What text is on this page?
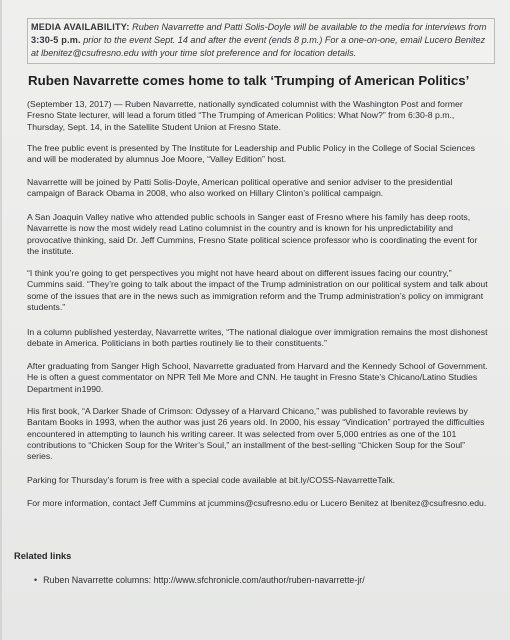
MEDIA AVAILABILITY: Ruben Navarrette and Patti Solis-Doyle will be available to the media for interviews from 3:30-5 p.m. prior to the event Sept. 14 and after the event (ends 8 p.m.) For a one-on-one, email Lucero Benitez at lbenitez@csufresno.edu with your time slot preference and for location details.
Ruben Navarrette comes home to talk ‘Trumping of American Politics’
(September 13, 2017) — Ruben Navarrette, nationally syndicated columnist with the Washington Post and former Fresno State lecturer, will lead a forum titled “The Trumping of American Politics: What Now?” from 6:30-8 p.m., Thursday, Sept. 14, in the Satellite Student Union at Fresno State.
The free public event is presented by The Institute for Leadership and Public Policy in the College of Social Sciences and will be moderated by alumnus Joe Moore, “Valley Edition” host.
Navarrette will be joined by Patti Solis-Doyle, American political operative and senior adviser to the presidential campaign of Barack Obama in 2008, who also worked on Hillary Clinton’s political campaign.
A San Joaquin Valley native who attended public schools in Sanger east of Fresno where his family has deep roots, Navarrette is now the most widely read Latino columnist in the country and is known for his unpredictability and provocative thinking, said Dr. Jeff Cummins, Fresno State political science professor who is coordinating the event for the institute.
“I think you’re going to get perspectives you might not have heard about on different issues facing our country,” Cummins said. “They’re going to talk about the impact of the Trump administration on our political system and talk about some of the issues that are in the news such as immigration reform and the Trump administration’s policy on immigrant students.”
In a column published yesterday, Navarrette writes, “The national dialogue over immigration remains the most dishonest debate in America. Politicians in both parties routinely lie to their constituents.”
After graduating from Sanger High School, Navarrette graduated from Harvard and the Kennedy School of Government. He is often a guest commentator on NPR Tell Me More and CNN. He taught in Fresno State’s Chicano/Latino Studies Department in1990.
His first book, “A Darker Shade of Crimson: Odyssey of a Harvard Chicano,” was published to favorable reviews by Bantam Books in 1993, when the author was just 26 years old. In 2000, his essay “Vindication” portrayed the difficulties encountered in attempting to launch his writing career. It was selected from over 5,000 entries as one of the 101 contributions to “Chicken Soup for the Writer’s Soul,” an installment of the best-selling “Chicken Soup for the Soul” series.
Parking for Thursday’s forum is free with a special code available at bit.ly/COSS-NavarretteTalk.
For more information, contact Jeff Cummins at jcummins@csufresno.edu or Lucero Benitez at lbenitez@csufresno.edu.
Related links
• Ruben Navarrette columns: http://www.sfchronicle.com/author/ruben-navarrette-jr/
